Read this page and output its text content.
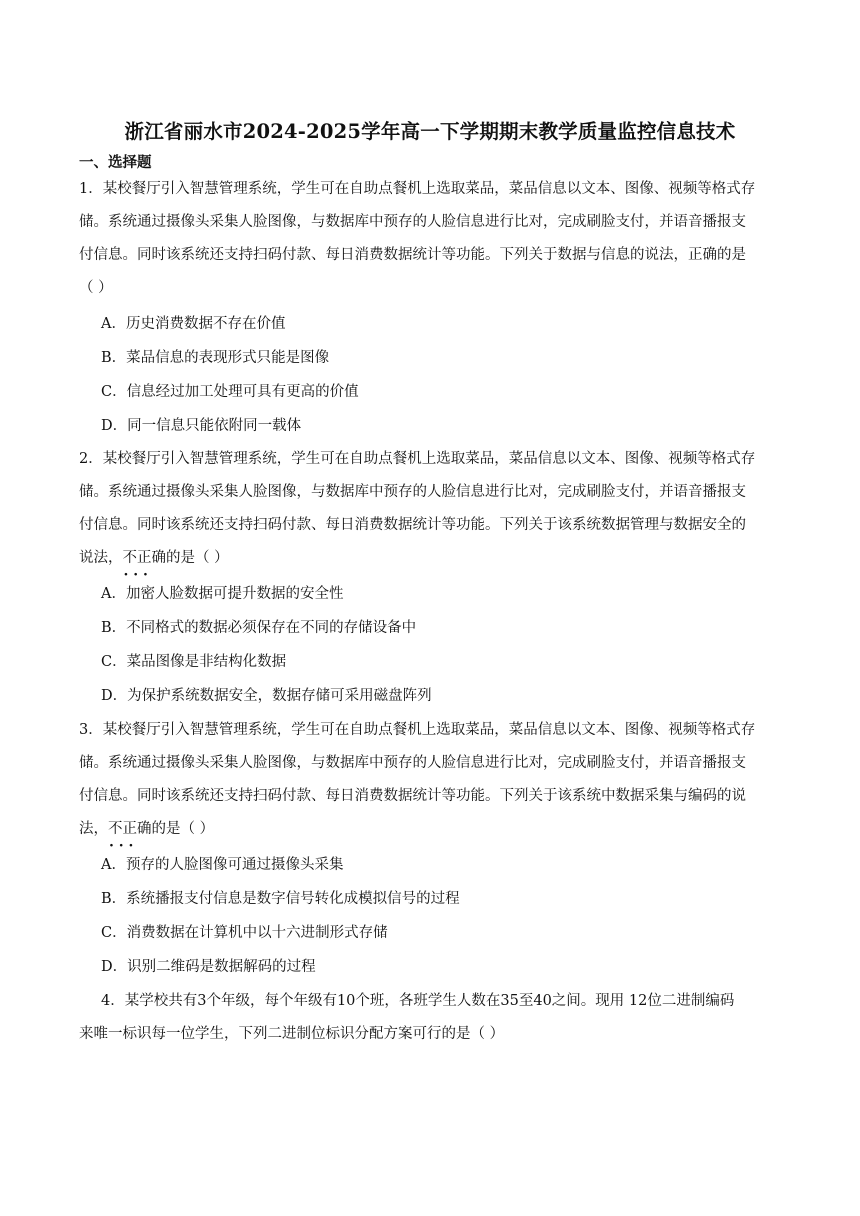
浙江省丽水市2024-2025学年高一下学期期末教学质量监控信息技术
一、选择题
1．某校餐厅引入智慧管理系统，学生可在自助点餐机上选取菜品，菜品信息以文本、图像、视频等格式存
储。系统通过摄像头采集人脸图像，与数据库中预存的人脸信息进行比对，完成刷脸支付，并语音播报支
付信息。同时该系统还支持扫码付款、每日消费数据统计等功能。下列关于数据与信息的说法，正确的是
（ ）
A．历史消费数据不存在价值
B．菜品信息的表现形式只能是图像
C．信息经过加工处理可具有更高的价值
D．同一信息只能依附同一载体
2．某校餐厅引入智慧管理系统，学生可在自助点餐机上选取菜品，菜品信息以文本、图像、视频等格式存
储。系统通过摄像头采集人脸图像，与数据库中预存的人脸信息进行比对，完成刷脸支付，并语音播报支
付信息。同时该系统还支持扫码付款、每日消费数据统计等功能。下列关于该系统数据管理与数据安全的
说法，不正确 · · ·的是（ ）
A．加密人脸数据可提升数据的安全性
B．不同格式的数据必须保存在不同的存储设备中
C．菜品图像是非结构化数据
D．为保护系统数据安全，数据存储可采用磁盘阵列
3．某校餐厅引入智慧管理系统，学生可在自助点餐机上选取菜品，菜品信息以文本、图像、视频等格式存
储。系统通过摄像头采集人脸图像，与数据库中预存的人脸信息进行比对，完成刷脸支付，并语音播报支
付信息。同时该系统还支持扫码付款、每日消费数据统计等功能。下列关于该系统中数据采集与编码的说
法，不正确 · · ·的是（ ）
A．预存的人脸图像可通过摄像头采集
B．系统播报支付信息是数字信号转化成模拟信号的过程
C．消费数据在计算机中以十六进制形式存储
D．识别二维码是数据解码的过程
4．某学校共有3个年级，每个年级有10个班，各班学生人数在35至40之间。现用 12位二进制编码
来唯一标识每一位学生，下列二进制位标识分配方案可行的是（ ）
